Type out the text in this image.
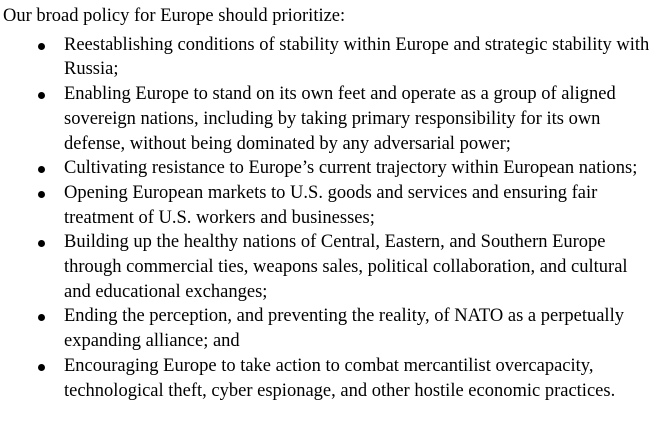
Our broad policy for Europe should prioritize:

Reestablishing conditions of stability within Europe and strategic stability with Russia;
Enabling Europe to stand on its own feet and operate as a group of aligned sovereign nations, including by taking primary responsibility for its own defense, without being dominated by any adversarial power;
Cultivating resistance to Europe’s current trajectory within European nations;
Opening European markets to U.S. goods and services and ensuring fair treatment of U.S. workers and businesses;
Building up the healthy nations of Central, Eastern, and Southern Europe through commercial ties, weapons sales, political collaboration, and cultural and educational exchanges;
Ending the perception, and preventing the reality, of NATO as a perpetually expanding alliance; and
Encouraging Europe to take action to combat mercantilist overcapacity, technological theft, cyber espionage, and other hostile economic practices.
